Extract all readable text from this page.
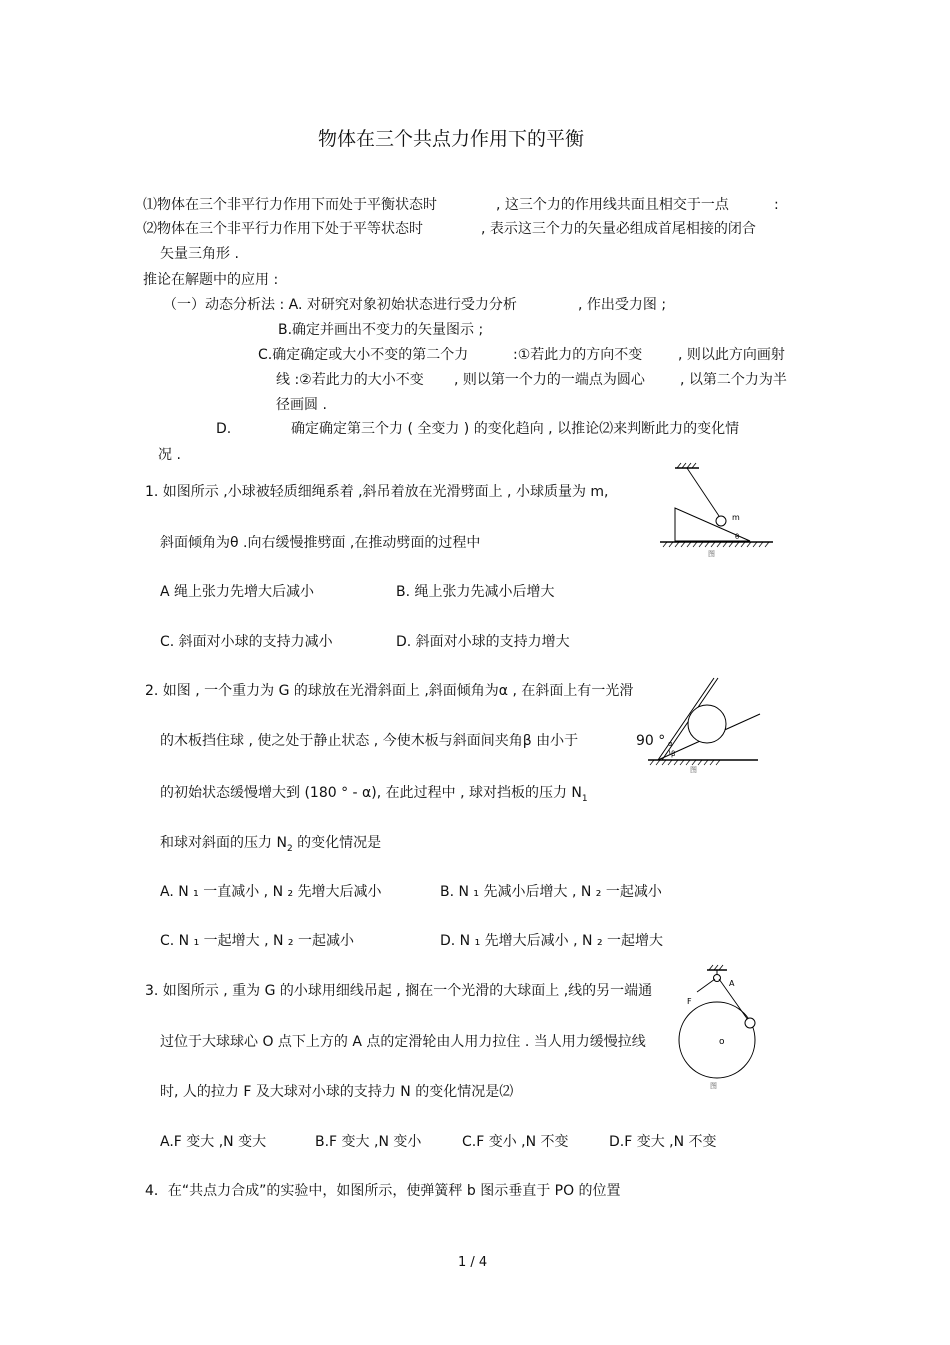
物体在三个共点力作用下的平衡
⑴物体在三个非平行力作用下而处于平衡状态时	, 这三个力的作用线共面且相交于一点	:
⑵物体在三个非平行力作用下处于平等状态时	, 表示这三个力的矢量必组成首尾相接的闭合
矢量三角形 .
推论在解题中的应用 :
（一）动态分析法 : A. 对研究对象初始状态进行受力分析	, 作出受力图 ;
B.确定并画出不变力的矢量图示 ;
C.确定确定或大小不变的第二个力	:①若此力的方向不变	, 则以此方向画射
线 :②若此力的大小不变 , 则以第一个力的一端点为圆心	, 以第二个力为半
径画圆 .
D.	确定确定第三个力 ( 全变力 ) 的变化趋向 , 以推论⑵来判断此力的变化情
况 .
1. 如图所示 ,小球被轻质细绳系着 ,斜吊着放在光滑劈面上 , 小球质量为 m,
斜面倾角为θ .向右缓慢推劈面 ,在推动劈面的过程中
A 绳上张力先增大后减小	B. 绳上张力先减小后增大
C. 斜面对小球的支持力减小	D. 斜面对小球的支持力增大
m
θ
图
2. 如图 , 一个重力为 G 的球放在光滑斜面上 ,斜面倾角为α , 在斜面上有一光滑
的木板挡住球 , 使之处于静止状态 , 今使木板与斜面间夹角β 由小于	90 °
的初始状态缓慢增大到 (180 ° - α), 在此过程中 , 球对挡板的压力 $N_1$
和球对斜面的压力 $N_2$ 的变化情况是
A. N ₁ 一直减小 , N ₂ 先增大后减小	B. N ₁ 先减小后增大 , N ₂ 一起减小
C. N ₁ 一起增大 , N ₂ 一起减小	D. N ₁ 先增大后减小 , N ₂ 一起增大
β
α
图
3. 如图所示 , 重为 G 的小球用细线吊起 , 搁在一个光滑的大球面上 ,线的另一端通
过位于大球球心 O 点下上方的 A 点的定滑轮由人用力拉住 . 当人用力缓慢拉线
时, 人的拉力 F 及大球对小球的支持力 N 的变化情况是⑵
A.F 变大 ,N 变大	B.F 变大 ,N 变小	C.F 变小 ,N 不变	D.F 变大 ,N 不变
A
F
o
图
4．在“共点力合成”的实验中，如图所示，使弹簧秤 b 图示垂直于 PO 的位置
1 / 4
